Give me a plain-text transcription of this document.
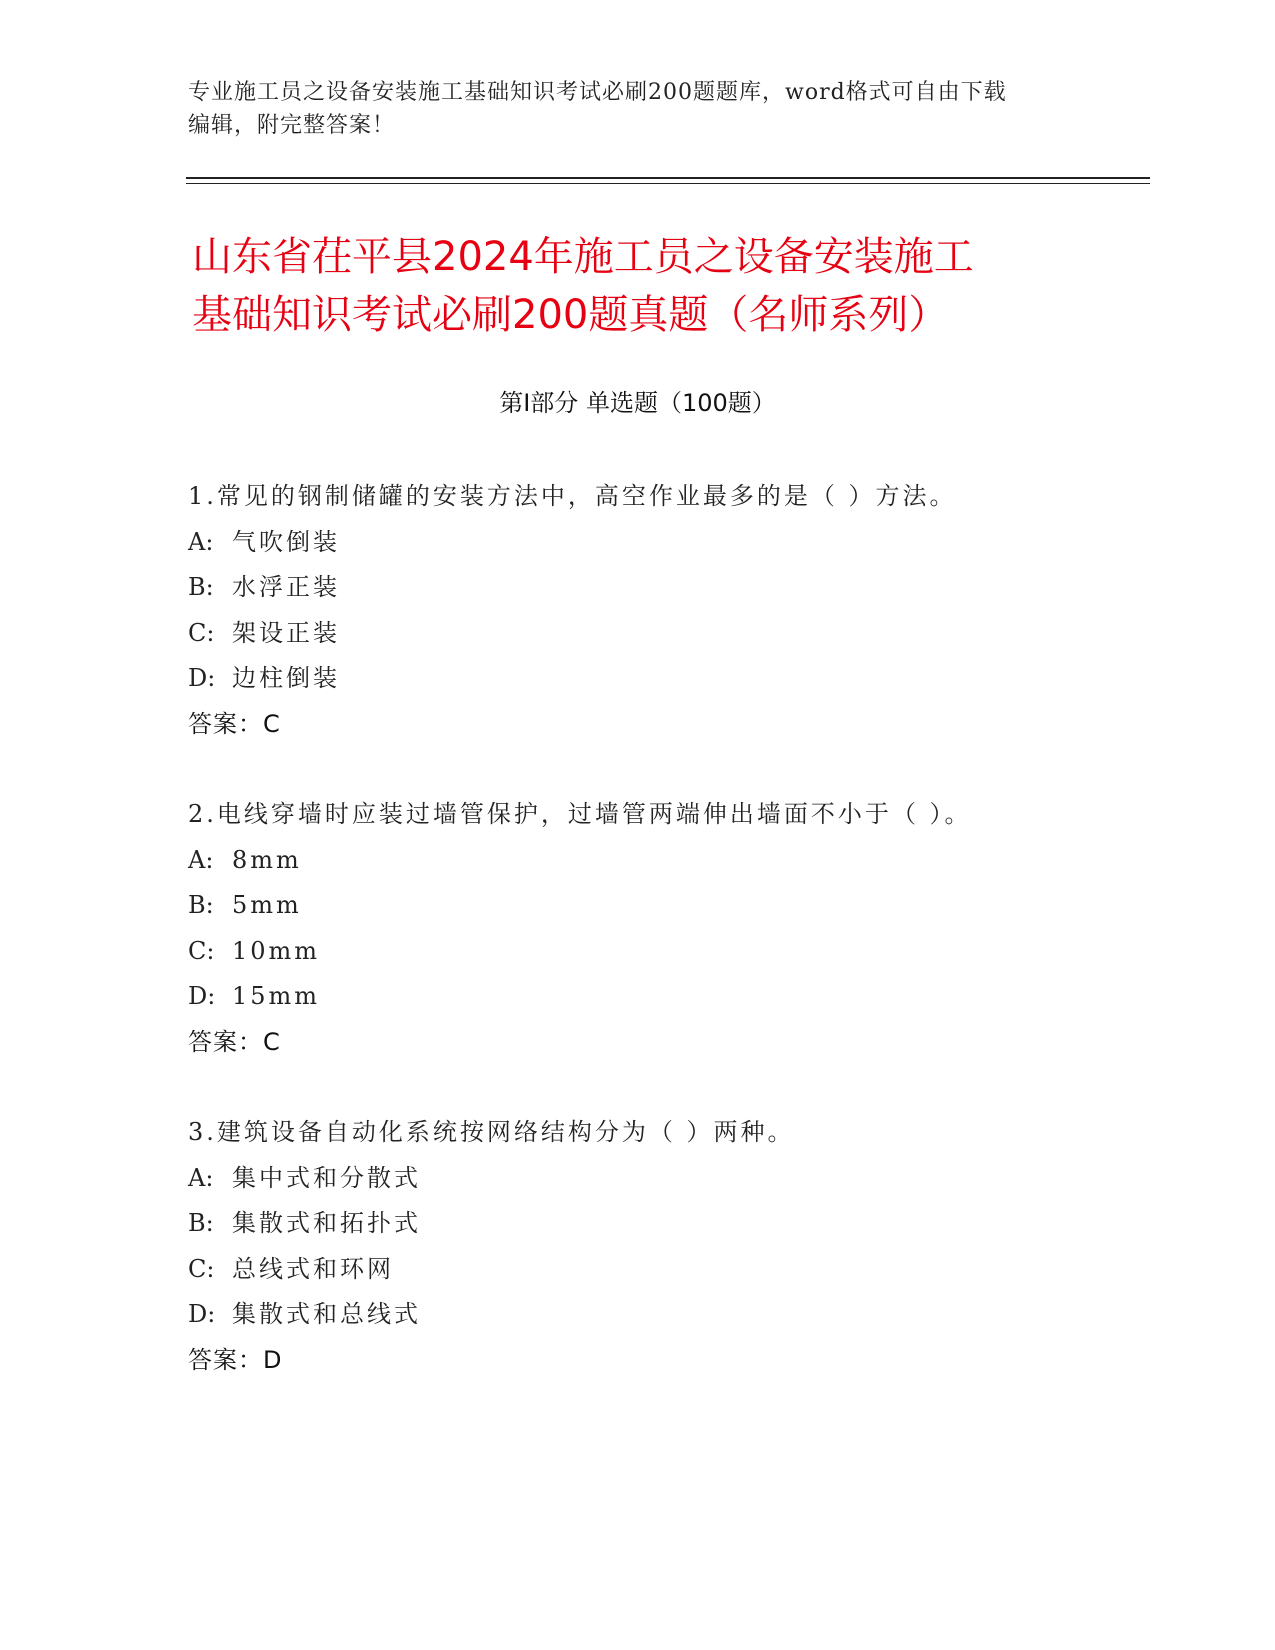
专业施工员之设备安装施工基础知识考试必刷200题题库，word格式可自由下载
编辑，附完整答案！
山东省茌平县2024年施工员之设备安装施工
基础知识考试必刷200题真题（名师系列）
第Ⅰ部分 单选题（100题）
1.常见的钢制储罐的安装方法中，高空作业最多的是（ ）方法。
A: 气吹倒装
B: 水浮正装
C: 架设正装
D: 边柱倒装
答案：C
2.电线穿墙时应装过墙管保护，过墙管两端伸出墙面不小于（ ）。
A: 8mm
B: 5mm
C: 10mm
D: 15mm
答案：C
3.建筑设备自动化系统按网络结构分为（ ）两种。
A: 集中式和分散式
B: 集散式和拓扑式
C: 总线式和环网
D: 集散式和总线式
答案：D
